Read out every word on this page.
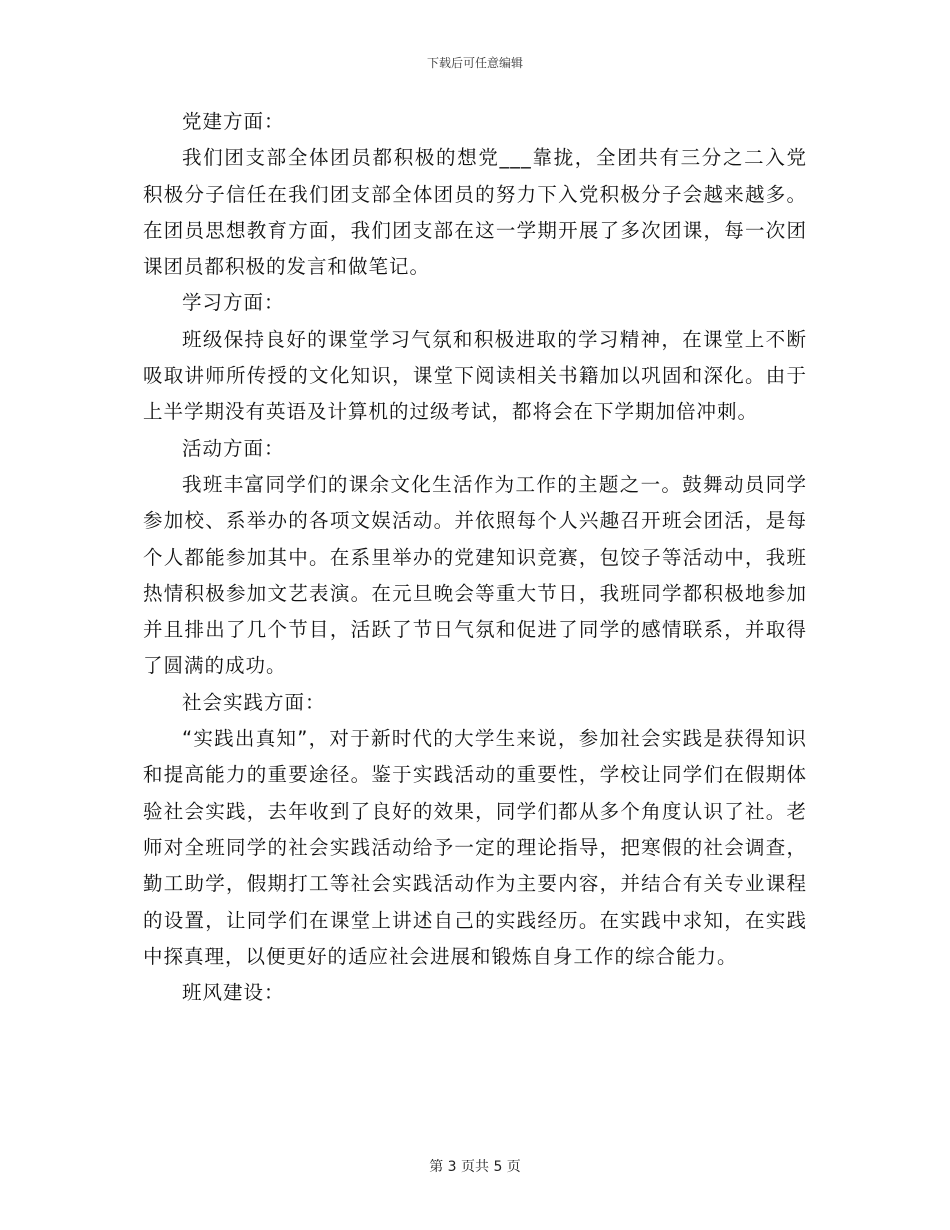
下载后可任意编辑

党建方面：

我们团支部全体团员都积极的想党___靠拢，全团共有三分之二入党积极分子信任在我们团支部全体团员的努力下入党积极分子会越来越多。在团员思想教育方面，我们团支部在这一学期开展了多次团课，每一次团课团员都积极的发言和做笔记。

学习方面：

班级保持良好的课堂学习气氛和积极进取的学习精神，在课堂上不断吸取讲师所传授的文化知识，课堂下阅读相关书籍加以巩固和深化。由于上半学期没有英语及计算机的过级考试，都将会在下学期加倍冲刺。

活动方面：

我班丰富同学们的课余文化生活作为工作的主题之一。鼓舞动员同学参加校、系举办的各项文娱活动。并依照每个人兴趣召开班会团活，是每个人都能参加其中。在系里举办的党建知识竞赛，包饺子等活动中，我班热情积极参加文艺表演。在元旦晚会等重大节日，我班同学都积极地参加并且排出了几个节目，活跃了节日气氛和促进了同学的感情联系，并取得了圆满的成功。

社会实践方面：

“实践出真知”，对于新时代的大学生来说，参加社会实践是获得知识和提高能力的重要途径。鉴于实践活动的重要性，学校让同学们在假期体验社会实践，去年收到了良好的效果，同学们都从多个角度认识了社。老师对全班同学的社会实践活动给予一定的理论指导，把寒假的社会调查，勤工助学，假期打工等社会实践活动作为主要内容，并结合有关专业课程的设置，让同学们在课堂上讲述自己的实践经历。在实践中求知，在实践中探真理，以便更好的适应社会进展和锻炼自身工作的综合能力。

班风建设：

第 3 页共 5 页
